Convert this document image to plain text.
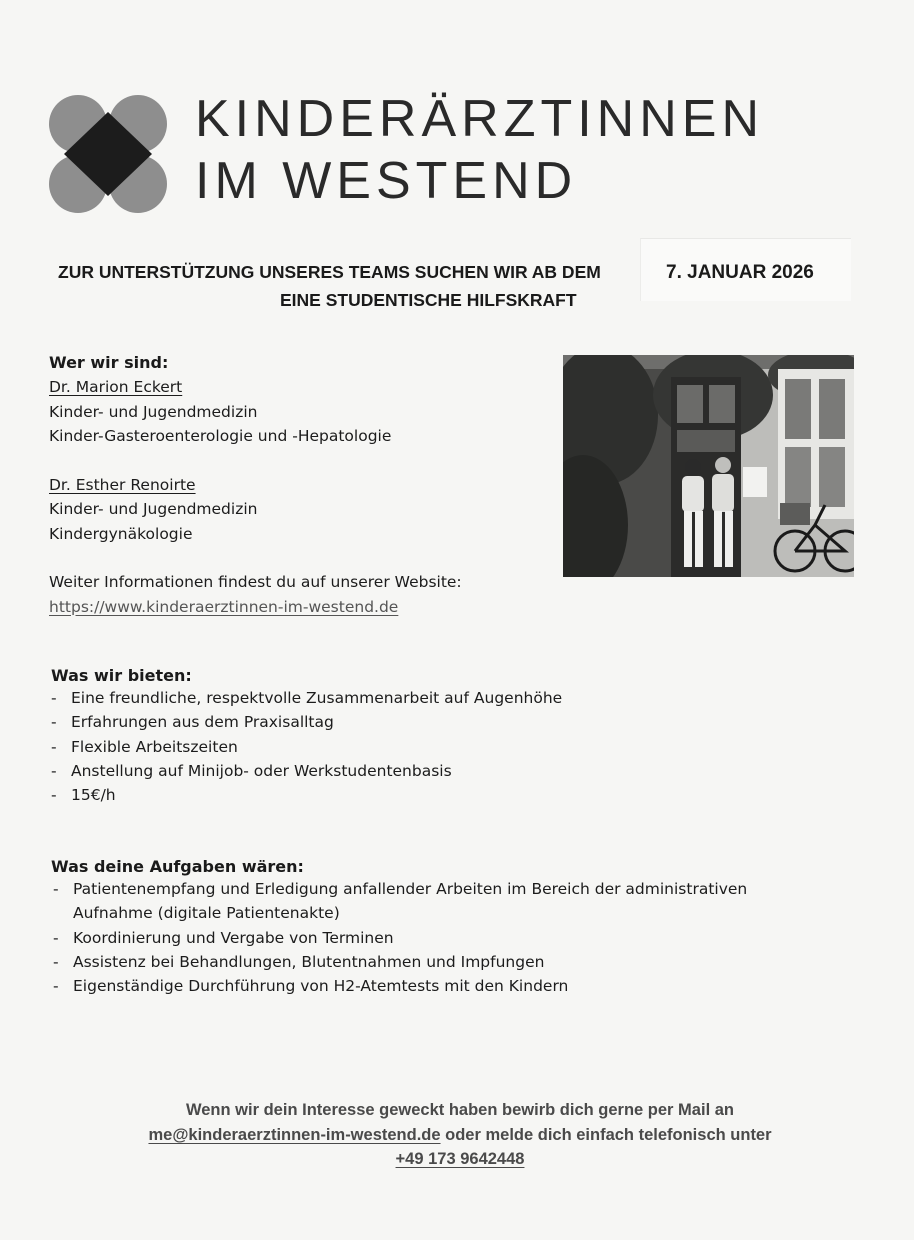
KINDERÄRZTINNEN
IM WESTEND
ZUR UNTERSTÜTZUNG UNSERES TEAMS SUCHEN WIR AB DEM	7. JANUAR 2026
EINE STUDENTISCHE HILFSKRAFT
Wer wir sind:
Dr. Marion Eckert
Kinder- und Jugendmedizin
Kinder-Gasteroenterologie und -Hepatologie
Dr. Esther Renoirte
Kinder- und Jugendmedizin
Kindergynäkologie
Weiter Informationen findest du auf unserer Website:
https://www.kinderaerztinnen-im-westend.de
Was wir bieten:
- Eine freundliche, respektvolle Zusammenarbeit auf Augenhöhe
- Erfahrungen aus dem Praxisalltag
- Flexible Arbeitszeiten
- Anstellung auf Minijob- oder Werkstudentenbasis
- 15€/h
Was deine Aufgaben wären:
- Patientenempfang und Erledigung anfallender Arbeiten im Bereich der administrativen
Aufnahme (digitale Patientenakte)
- Koordinierung und Vergabe von Terminen
- Assistenz bei Behandlungen, Blutentnahmen und Impfungen
- Eigenständige Durchführung von H2-Atemtests mit den Kindern
Wenn wir dein Interesse geweckt haben bewirb dich gerne per Mail an
me@kinderaerztinnen-im-westend.de oder melde dich einfach telefonisch unter
+49 173 9642448
